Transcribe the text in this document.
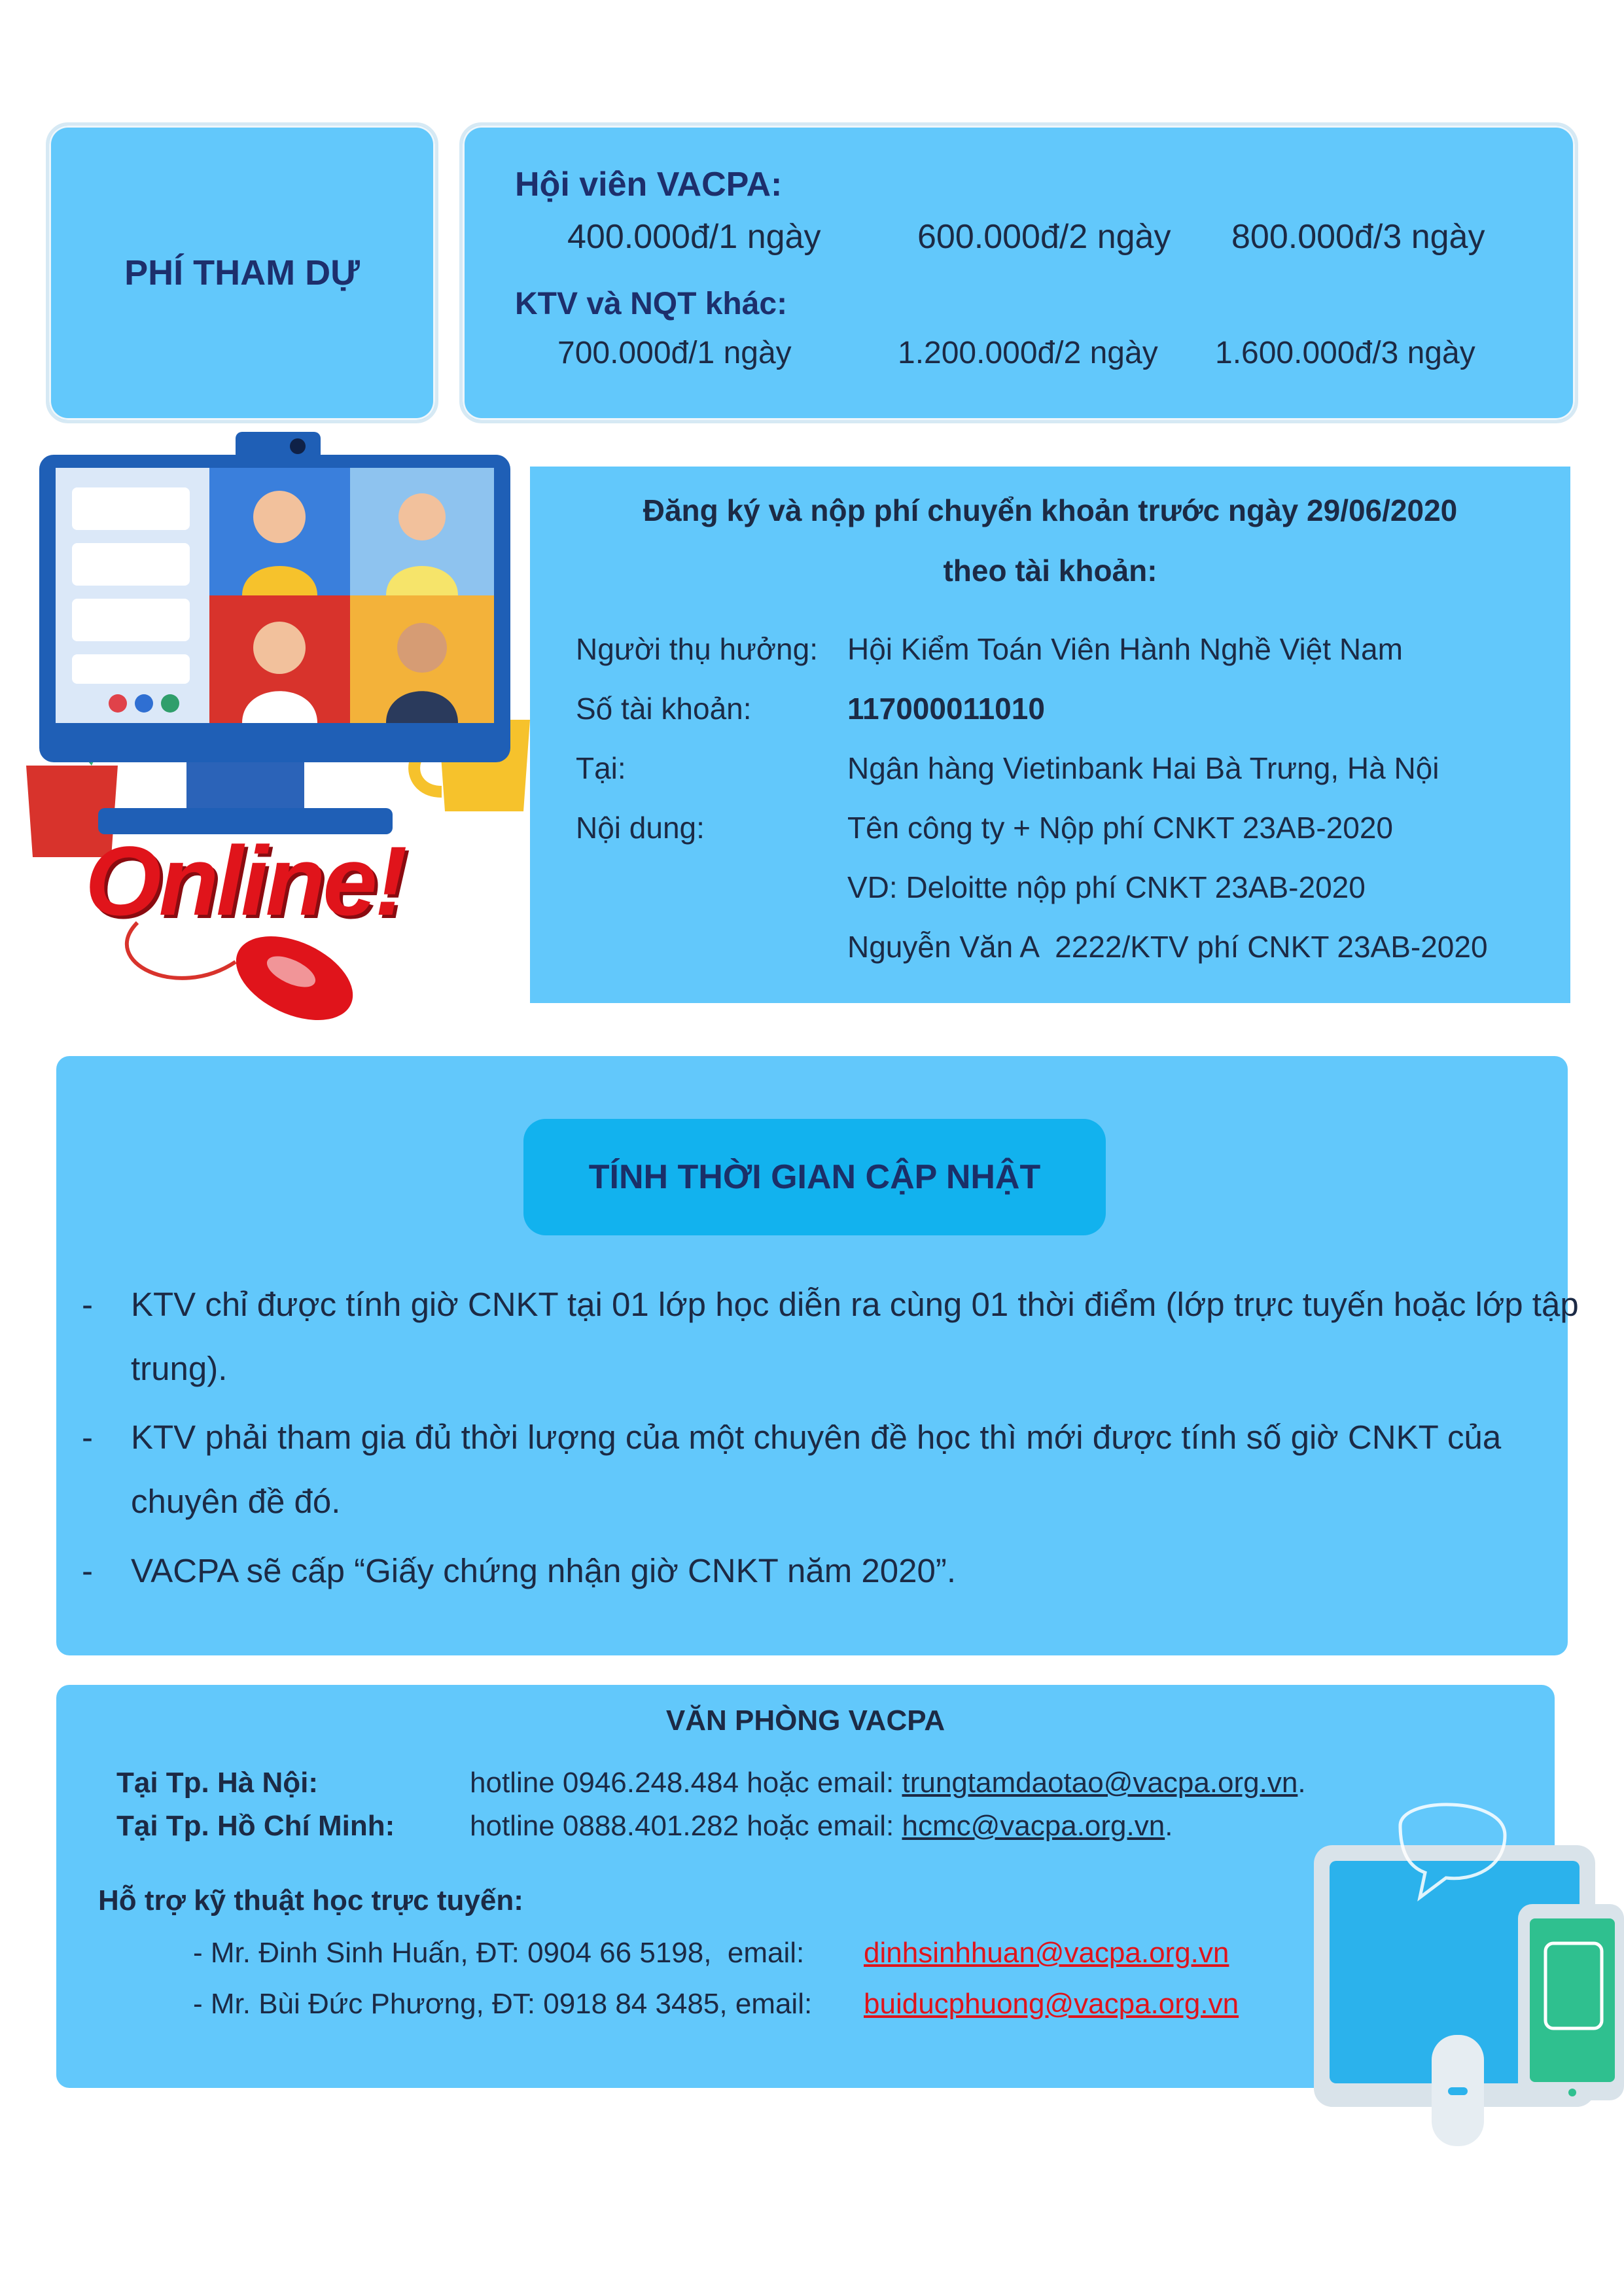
PHÍ THAM DỰ
Hội viên VACPA:
400.000đ/1 ngày	600.000đ/2 ngày 800.000đ/3 ngày
KTV và NQT khác:
700.000đ/1 ngày	1.200.000đ/2 ngày 1.600.000đ/3 ngày
Online!
Đăng ký và nộp phí chuyển khoản trước ngày 29/06/2020
theo tài khoản:
Người thụ hưởng: Hội Kiểm Toán Viên Hành Nghề Việt Nam
Số tài khoản:	117000011010
Tại:	Ngân hàng Vietinbank Hai Bà Trưng, Hà Nội
Nội dung:	Tên công ty + Nộp phí CNKT 23AB-2020
VD: Deloitte nộp phí CNKT 23AB-2020
Nguyễn Văn A  2222/KTV phí CNKT 23AB-2020
TÍNH THỜI GIAN CẬP NHẬT
- KTV chỉ được tính giờ CNKT tại 01 lớp học diễn ra cùng 01 thời điểm (lớp trực tuyến hoặc lớp tập
trung).
- KTV phải tham gia đủ thời lượng của một chuyên đề học thì mới được tính số giờ CNKT của
chuyên đề đó.
- VACPA sẽ cấp “Giấy chứng nhận giờ CNKT năm 2020”.
VĂN PHÒNG VACPA
Tại Tp. Hà Nội:	hotline 0946.248.484 hoặc email: trungtamdaotao@vacpa.org.vn.
Tại Tp. Hồ Chí Minh:	hotline 0888.401.282 hoặc email: hcmc@vacpa.org.vn.
Hỗ trợ kỹ thuật học trực tuyến:
- Mr. Đinh Sinh Huấn, ĐT: 0904 66 5198,  email: dinhsinhhuan@vacpa.org.vn
- Mr. Bùi Đức Phương, ĐT: 0918 84 3485, email: buiducphuong@vacpa.org.vn
